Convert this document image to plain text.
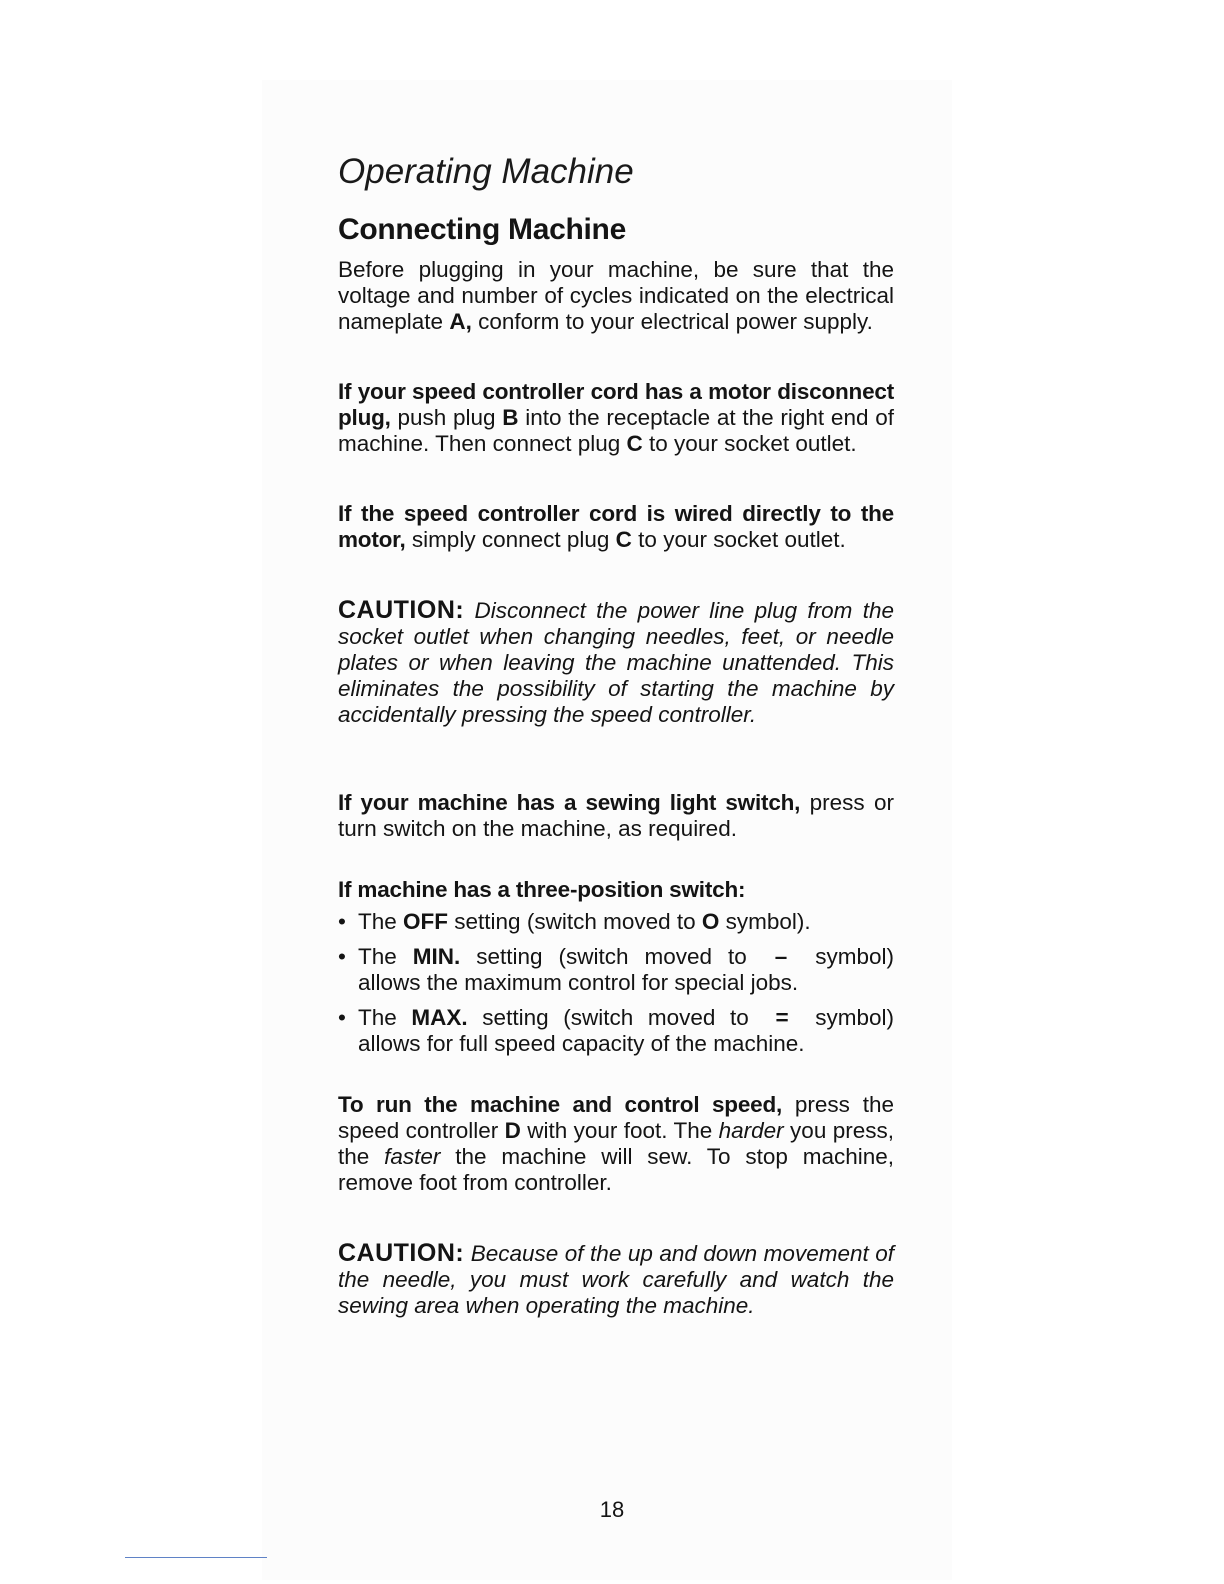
Operating Machine
Connecting Machine

Before plugging in your machine, be sure that the voltage and number of cycles indicated on the electrical nameplate A, conform to your electrical power supply.

If your speed controller cord has a motor disconnect plug, push plug B into the receptacle at the right end of machine. Then connect plug C to your socket outlet.

If the speed controller cord is wired directly to the motor, simply connect plug C to your socket outlet.

CAUTION: Disconnect the power line plug from the socket outlet when changing needles, feet, or needle plates or when leaving the machine unattended. This eliminates the possibility of starting the machine by accidentally pressing the speed controller.

If your machine has a sewing light switch, press or turn switch on the machine, as required.

If machine has a three-position switch:

• The OFF setting (switch moved to O symbol).
• The MIN. setting (switch moved to – symbol) allows the maximum control for special jobs.
• The MAX. setting (switch moved to = symbol) allows for full speed capacity of the machine.

To run the machine and control speed, press the speed controller D with your foot. The harder you press, the faster the machine will sew. To stop machine, remove foot from controller.

CAUTION: Because of the up and down movement of the needle, you must work carefully and watch the sewing area when operating the machine.

18
